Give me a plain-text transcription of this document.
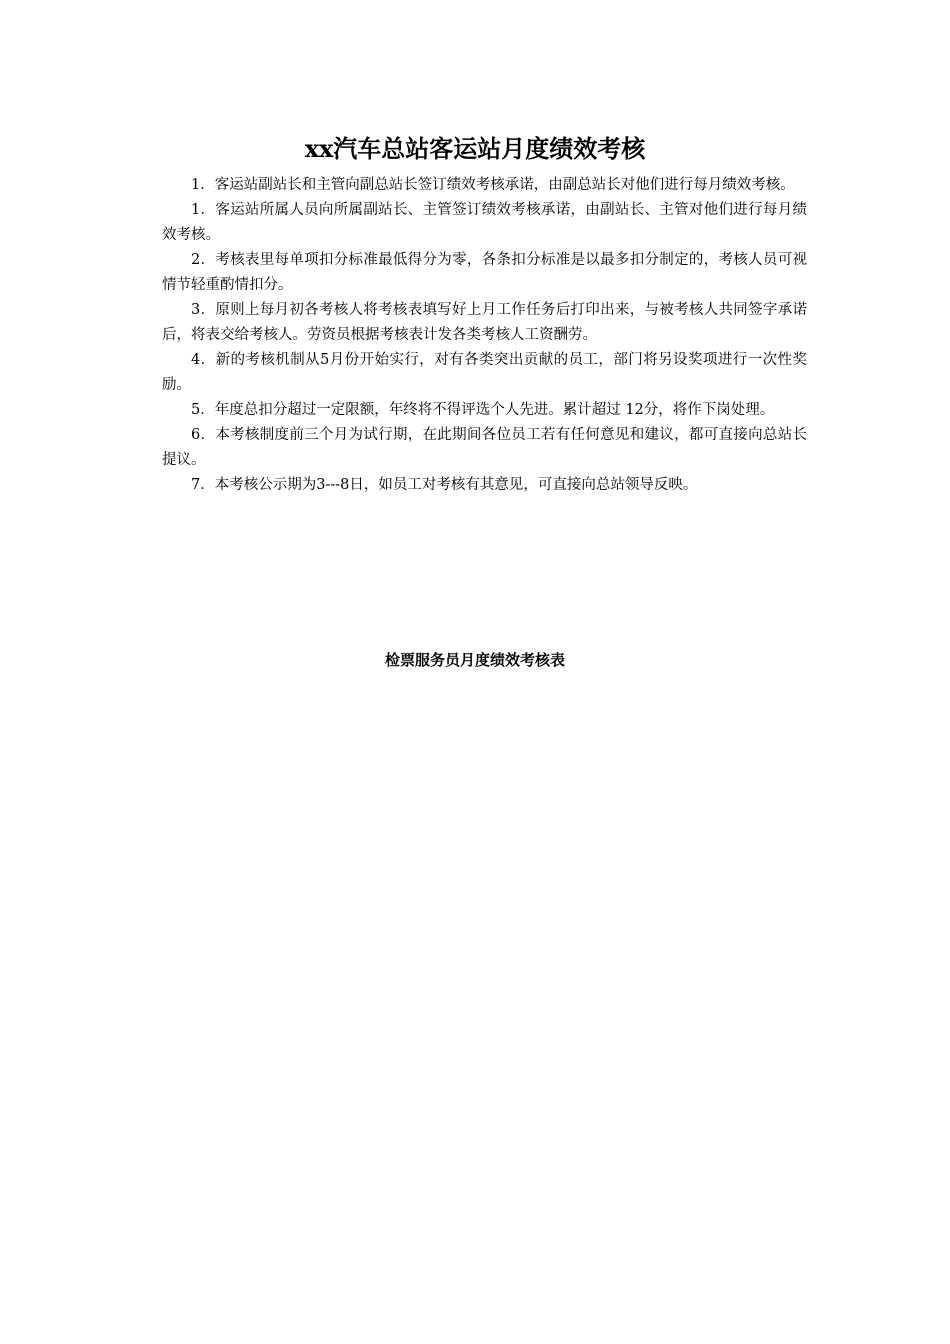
xx汽车总站客运站月度绩效考核

1．客运站副站长和主管向副总站长签订绩效考核承诺，由副总站长对他们进行每月绩效考核。

1．客运站所属人员向所属副站长、主管签订绩效考核承诺，由副站长、主管对他们进行每月绩效考核。

2．考核表里每单项扣分标准最低得分为零，各条扣分标准是以最多扣分制定的，考核人员可视情节轻重酌情扣分。

3．原则上每月初各考核人将考核表填写好上月工作任务后打印出来，与被考核人共同签字承诺后，将表交给考核人。劳资员根据考核表计发各类考核人工资酬劳。

4．新的考核机制从5月份开始实行，对有各类突出贡献的员工，部门将另设奖项进行一次性奖励。

5．年度总扣分超过一定限额，年终将不得评选个人先进。累计超过 12分，将作下岗处理。

6．本考核制度前三个月为试行期，在此期间各位员工若有任何意见和建议，都可直接向总站长提议。

7．本考核公示期为3---8日，如员工对考核有其意见，可直接向总站领导反映。

检票服务员月度绩效考核表
